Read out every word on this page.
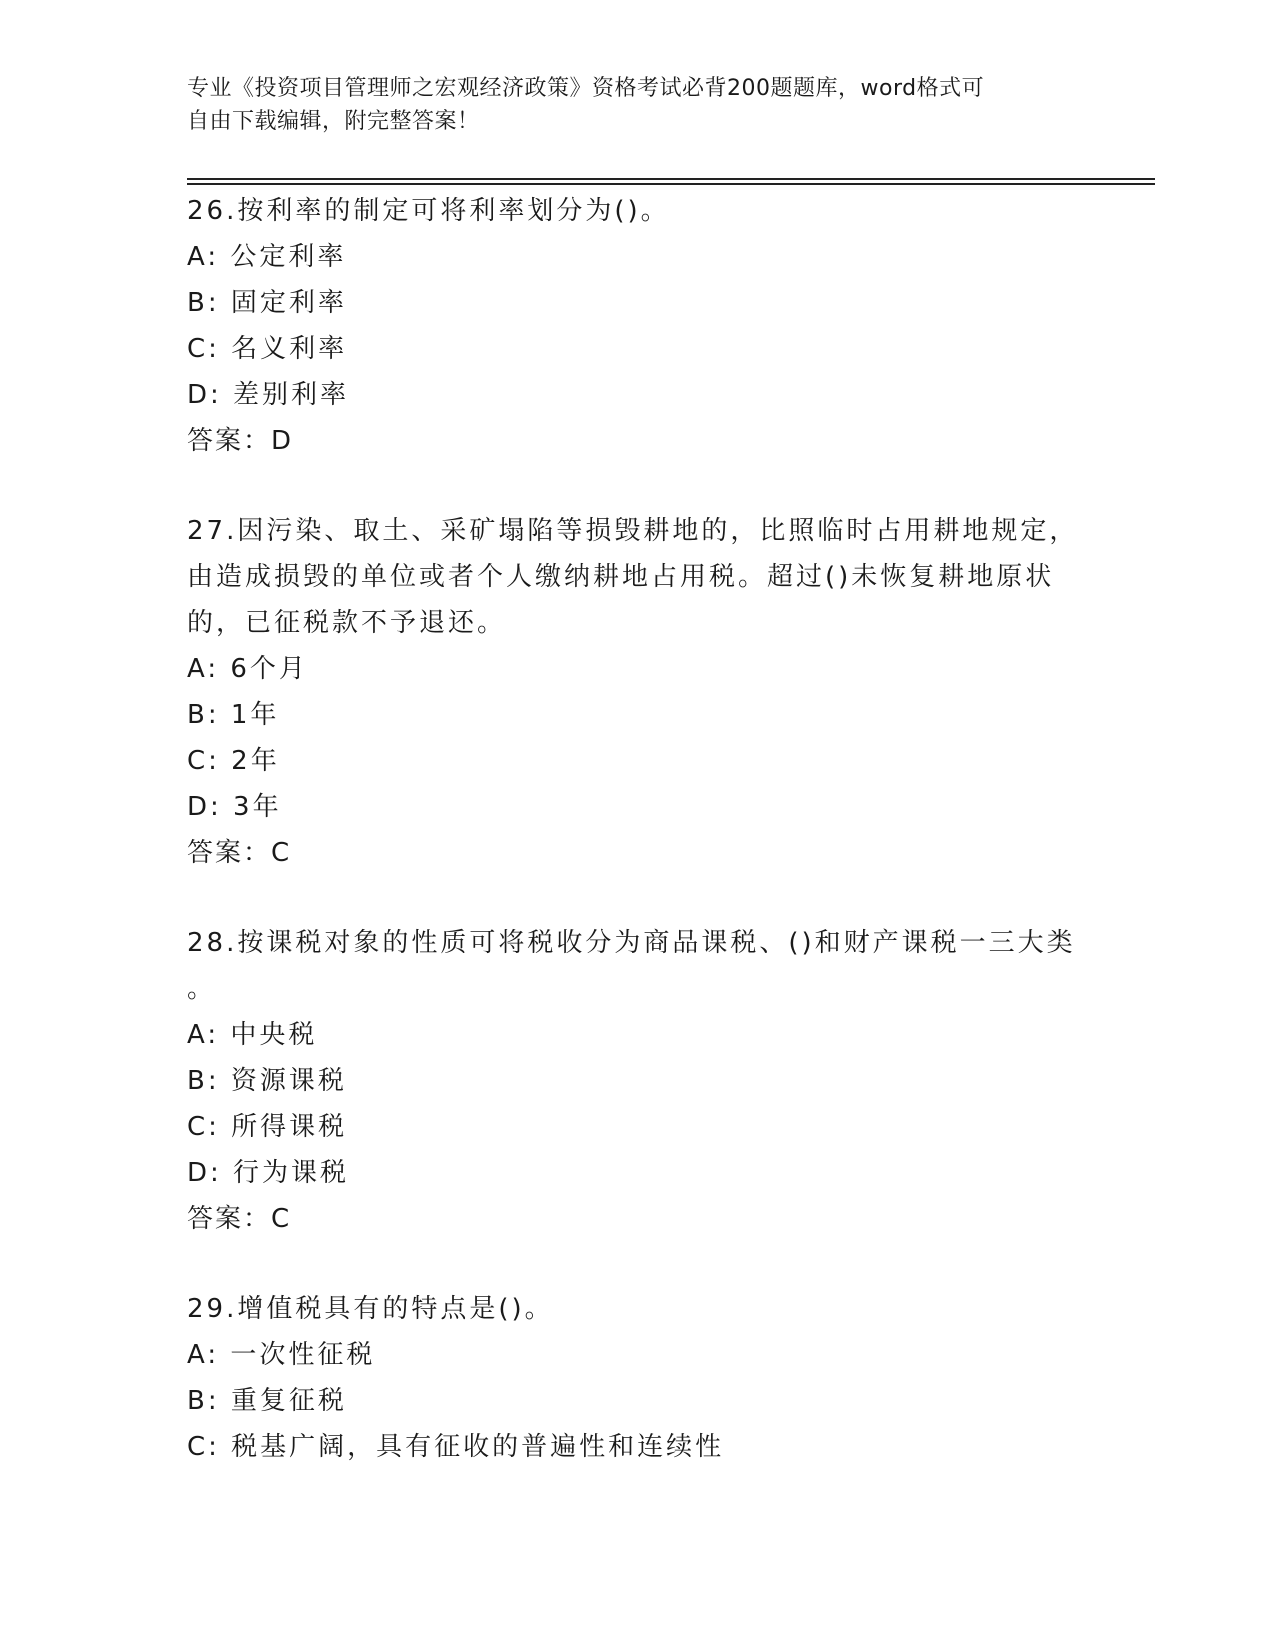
专业《投资项目管理师之宏观经济政策》资格考试必背200题题库，word格式可
自由下载编辑，附完整答案！
26.按利率的制定可将利率划分为()。
A: 公定利率
B: 固定利率
C: 名义利率
D: 差别利率
答案：D
27.因污染、取土、采矿塌陷等损毁耕地的，比照临时占用耕地规定，
由造成损毁的单位或者个人缴纳耕地占用税。超过()未恢复耕地原状
的，已征税款不予退还。
A: 6个月
B: 1年
C: 2年
D: 3年
答案：C
28.按课税对象的性质可将税收分为商品课税、()和财产课税一三大类
。
A: 中央税
B: 资源课税
C: 所得课税
D: 行为课税
答案：C
29.增值税具有的特点是()。
A: 一次性征税
B: 重复征税
C: 税基广阔，具有征收的普遍性和连续性
